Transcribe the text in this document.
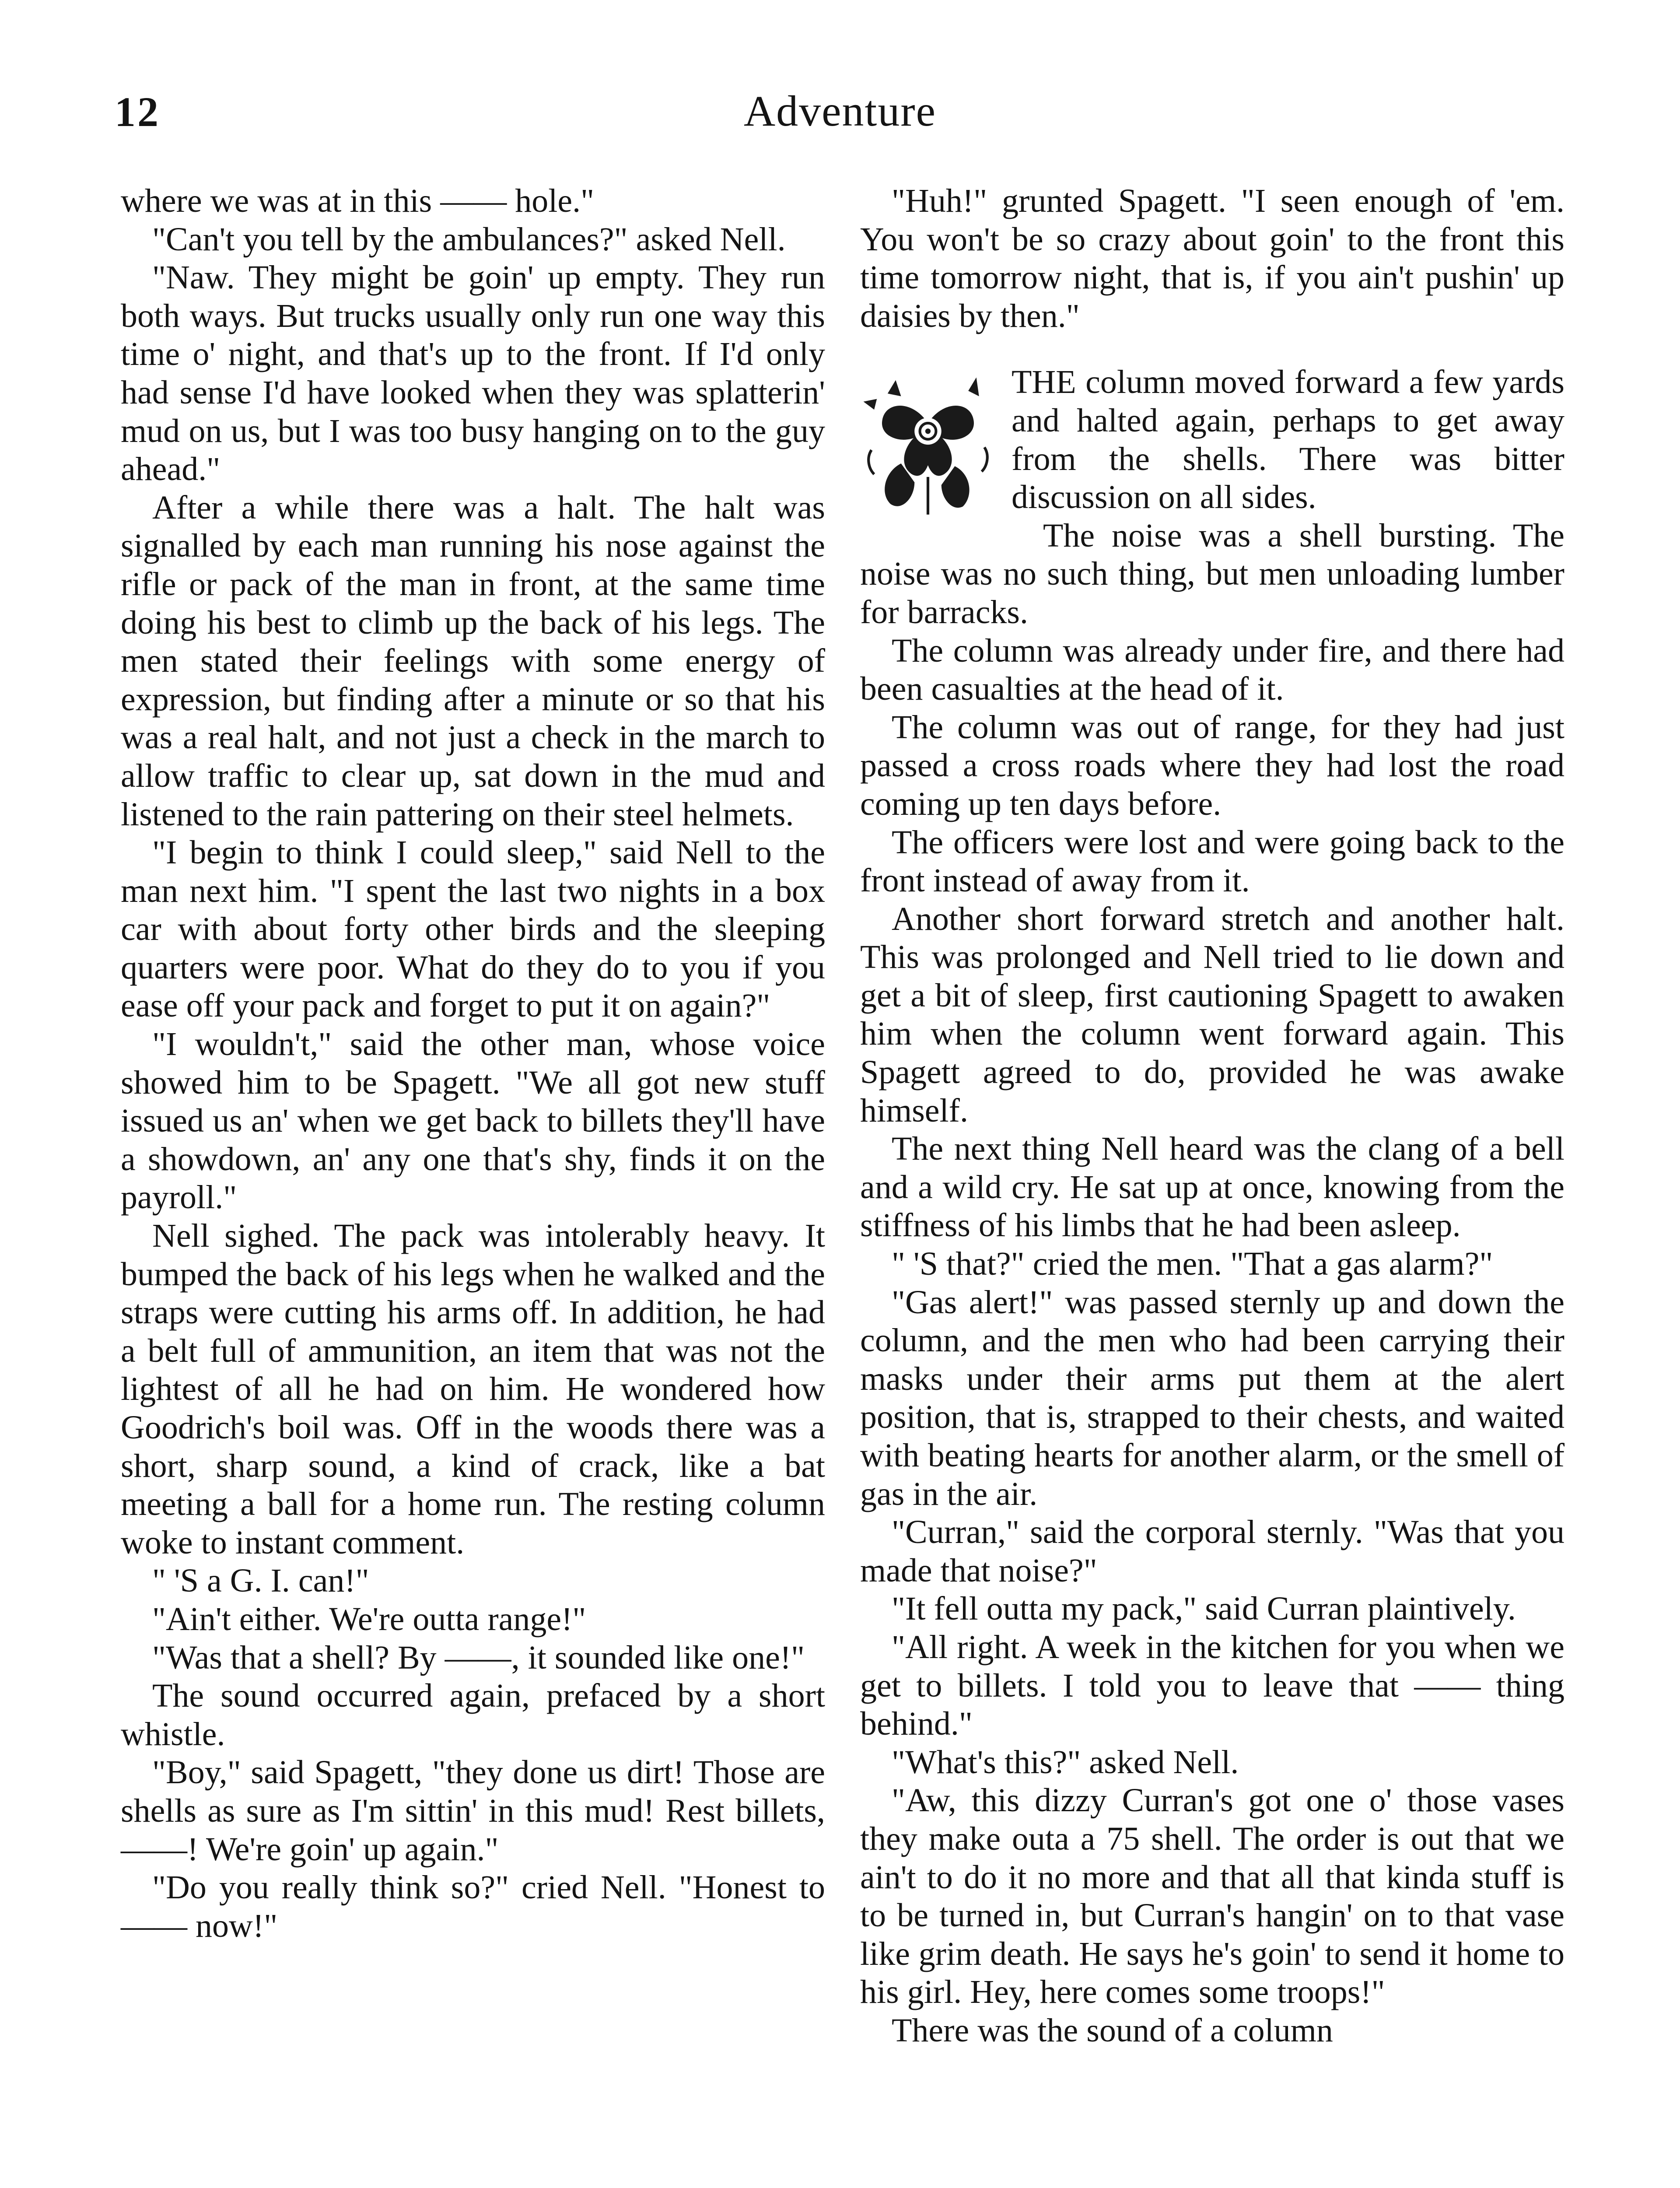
12	Adventure

where we was at in this —— hole."

"Can't you tell by the ambulances?" asked Nell.

"Naw. They might be goin' up empty. They run both ways. But trucks usually only run one way this time o' night, and that's up to the front. If I'd only had sense I'd have looked when they was splatterin' mud on us, but I was too busy hanging on to the guy ahead."

After a while there was a halt. The halt was signalled by each man running his nose against the rifle or pack of the man in front, at the same time doing his best to climb up the back of his legs. The men stated their feelings with some energy of expression, but finding after a minute or so that his was a real halt, and not just a check in the march to allow traffic to clear up, sat down in the mud and listened to the rain pattering on their steel helmets.

"I begin to think I could sleep," said Nell to the man next him. "I spent the last two nights in a box car with about forty other birds and the sleeping quarters were poor. What do they do to you if you ease off your pack and forget to put it on again?"

"I wouldn't," said the other man, whose voice showed him to be Spagett. "We all got new stuff issued us an' when we get back to billets they'll have a showdown, an' any one that's shy, finds it on the payroll."

Nell sighed. The pack was intolerably heavy. It bumped the back of his legs when he walked and the straps were cutting his arms off. In addition, he had a belt full of ammunition, an item that was not the lightest of all he had on him. He wondered how Goodrich's boil was. Off in the woods there was a short, sharp sound, a kind of crack, like a bat meeting a ball for a home run. The resting column woke to instant comment.

" 'S a G. I. can!"

"Ain't either. We're outta range!"

"Was that a shell? By ——, it sounded like one!"

The sound occurred again, prefaced by a short whistle.

"Boy," said Spagett, "they done us dirt! Those are shells as sure as I'm sittin' in this mud! Rest billets, ——! We're goin' up again."

"Do you really think so?" cried Nell. "Honest to —— now!"

"Huh!" grunted Spagett. "I seen enough of 'em. You won't be so crazy about goin' to the front this time tomorrow night, that is, if you ain't pushin' up daisies by then."

THE column moved forward a few yards and halted again, perhaps to get away from the shells. There was bitter discussion on all sides.

The noise was a shell bursting. The noise was no such thing, but men unloading lumber for barracks.

The column was already under fire, and there had been casualties at the head of it.

The column was out of range, for they had just passed a cross roads where they had lost the road coming up ten days before.

The officers were lost and were going back to the front instead of away from it.

Another short forward stretch and another halt. This was prolonged and Nell tried to lie down and get a bit of sleep, first cautioning Spagett to awaken him when the column went forward again. This Spagett agreed to do, provided he was awake himself.

The next thing Nell heard was the clang of a bell and a wild cry. He sat up at once, knowing from the stiffness of his limbs that he had been asleep.

" 'S that?" cried the men. "That a gas alarm?"

"Gas alert!" was passed sternly up and down the column, and the men who had been carrying their masks under their arms put them at the alert position, that is, strapped to their chests, and waited with beating hearts for another alarm, or the smell of gas in the air.

"Curran," said the corporal sternly. "Was that you made that noise?"

"It fell outta my pack," said Curran plaintively.

"All right. A week in the kitchen for you when we get to billets. I told you to leave that —— thing behind."

"What's this?" asked Nell.

"Aw, this dizzy Curran's got one o' those vases they make outa a 75 shell. The order is out that we ain't to do it no more and that all that kinda stuff is to be turned in, but Curran's hangin' on to that vase like grim death. He says he's goin' to send it home to his girl. Hey, here comes some troops!"

There was the sound of a column
